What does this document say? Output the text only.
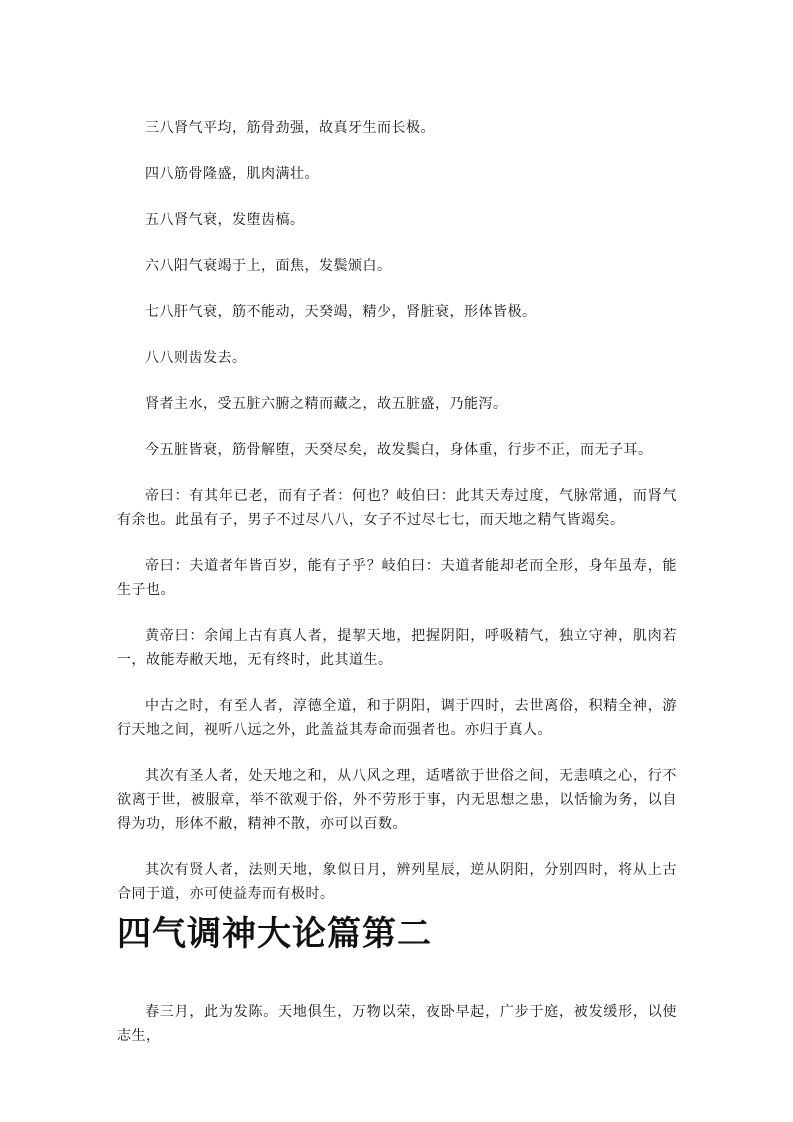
三八肾气平均，筋骨劲强，故真牙生而长极。

四八筋骨隆盛，肌肉满壮。

五八肾气衰，发堕齿槁。

六八阳气衰竭于上，面焦，发鬓颁白。

七八肝气衰，筋不能动，天癸竭，精少，肾脏衰，形体皆极。

八八则齿发去。

肾者主水，受五脏六腑之精而藏之，故五脏盛，乃能泻。

今五脏皆衰，筋骨解堕，天癸尽矣，故发鬓白，身体重，行步不正，而无子耳。

帝曰：有其年已老，而有子者：何也？岐伯曰：此其天寿过度，气脉常通，而肾气有余也。此虽有子，男子不过尽八八，女子不过尽七七，而天地之精气皆竭矣。

帝曰：夫道者年皆百岁，能有子乎？岐伯曰：夫道者能却老而全形，身年虽寿，能生子也。

黄帝曰：余闻上古有真人者，提挈天地，把握阴阳，呼吸精气，独立守神，肌肉若一，故能寿敝天地，无有终时，此其道生。

中古之时，有至人者，淳德全道，和于阴阳，调于四时，去世离俗，积精全神，游行天地之间，视听八远之外，此盖益其寿命而强者也。亦归于真人。

其次有圣人者，处天地之和，从八风之理，适嗜欲于世俗之间，无恚嗔之心，行不欲离于世，被服章，举不欲观于俗，外不劳形于事，内无思想之患，以恬愉为务，以自得为功，形体不敝，精神不散，亦可以百数。

其次有贤人者，法则天地，象似日月，辨列星辰，逆从阴阳，分别四时，将从上古合同于道，亦可使益寿而有极时。

四气调神大论篇第二

春三月，此为发陈。天地俱生，万物以荣，夜卧早起，广步于庭，被发缓形，以使志生，
